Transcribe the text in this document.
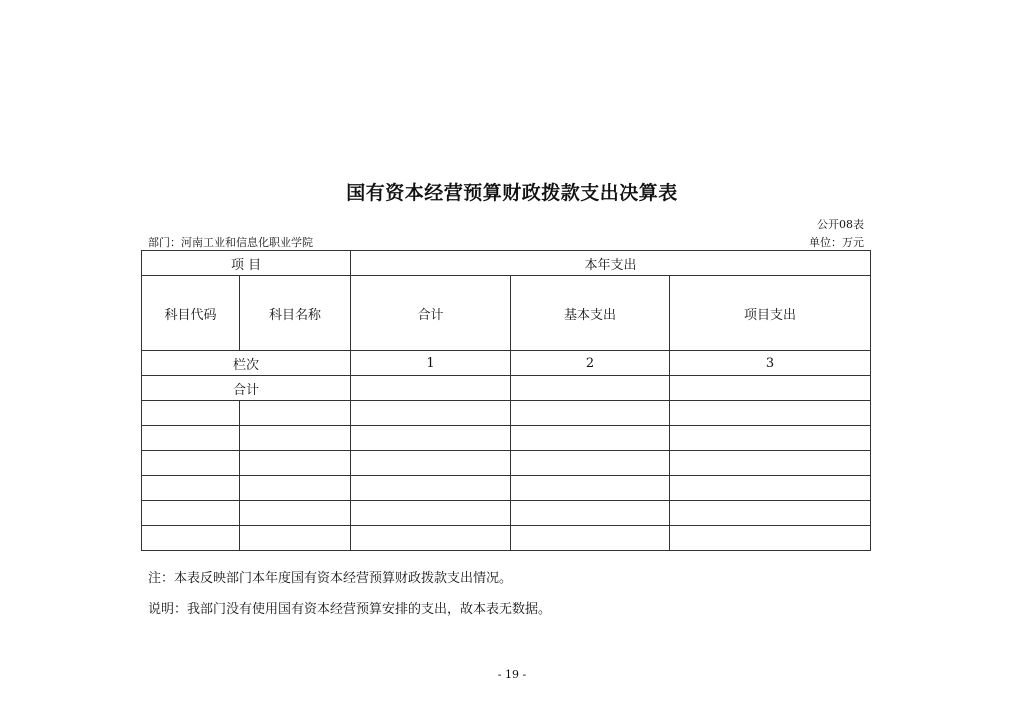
国有资本经营预算财政拨款支出决算表
公开08表
部门：河南工业和信息化职业学院	单位：万元
项 目		本年支出		
科目代码	科目名称	合计	基本支出	项目支出
栏次		1	2	3
合计				

注：本表反映部门本年度国有资本经营预算财政拨款支出情况。
说明：我部门没有使用国有资本经营预算安排的支出，故本表无数据。
- 19 -
